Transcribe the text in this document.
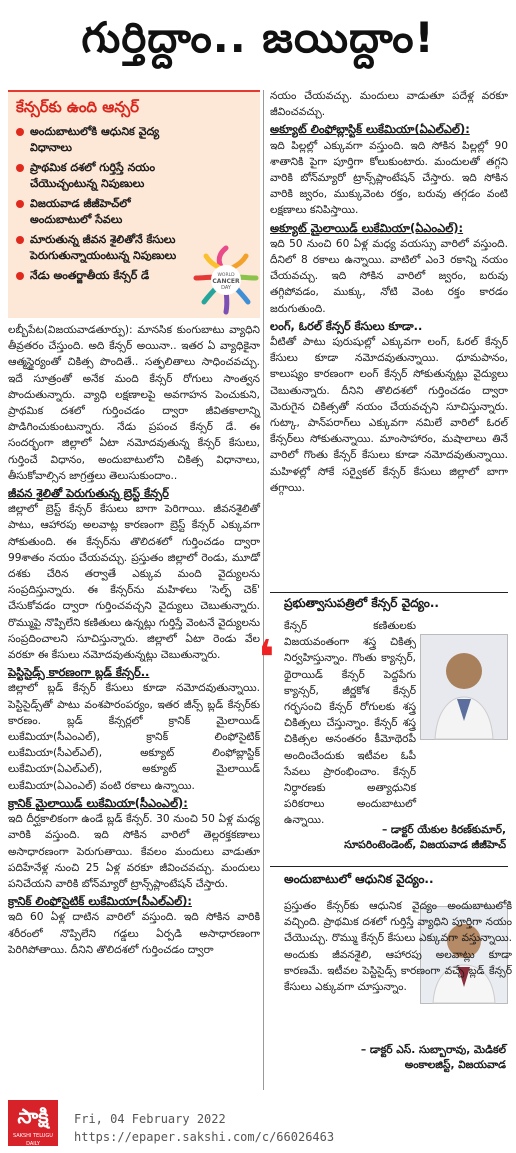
గుర్తిద్దాం.. జయిద్దాం!
కేన్సర్‌కు ఉంది ఆన్సర్
అందుబాటులోకి ఆధునిక వైద్య విధానాలు
ప్రాథమిక దశలో గుర్తిస్తే నయం చేయొచ్చంటున్న నిపుణులు
విజయవాడ జీజీహెచ్‌లో అందుబాటులో సేవలు
మారుతున్న జీవన శైలితోనే కేసులు పెరుగుతున్నాయంటున్న నిపుణులు
నేడు అంతర్జాతీయ కేన్సర్ డే	WORLD
CANCER
DAY

లబ్బీపేట(విజయవాడతూర్పు): మానసిక కుంగుబాటు వ్యాధిని తీవ్రతరం చేస్తుంది. అది కేన్సర్ అయినా.. ఇతర ఏ వ్యాధికైనా ఆత్మస్థైర్యంతో చికిత్స పొందితే.. సత్ఫలితాలు సాధించవచ్చు. ఇదే సూత్రంతో అనేక మంది కేన్సర్ రోగులు సాంత్వన పొందుతున్నారు. వ్యాధి లక్షణాలపై అవగాహన పెంచుకుని, ప్రాథమిక దశలో గుర్తించడం ద్వారా జీవితకాలాన్ని పొడిగించుకుంటున్నారు. నేడు ప్రపంచ కేన్సర్ డే. ఈ సందర్భంగా జిల్లాలో ఏటా నమోదవుతున్న కేన్సర్ కేసులు, గుర్తించే విధానం, అందుబాటులోని చికిత్స విధానాలు, తీసుకోవాల్సిన జాగ్రత్తలు తెలుసుకుందాం..

జీవన శైలితో పెరుగుతున్న బ్రెస్ట్ కేన్సర్

జిల్లాలో బ్రెస్ట్ కేన్సర్ కేసులు బాగా పెరిగాయి. జీవనశైలితో పాటు, ఆహారపు అలవాట్ల కారణంగా బ్రెస్ట్ కేన్సర్ ఎక్కువగా సోకుతుంది. ఈ కేన్సర్‌ను తొలిదశలో గుర్తించడం ద్వారా 99శాతం నయం చేయవచ్చు. ప్రస్తుతం జిల్లాలో రెండు, మూడో దశకు చేరిన తర్వాతే ఎక్కువ మంది వైద్యులను సంప్రదిస్తున్నారు. ఈ కేన్సర్‌ను మహిళలు 'సెల్ఫ్ చెక్' చేసుకోవడం ద్వారా గుర్తించవచ్చని వైద్యులు చెబుతున్నారు. రొమ్ముపై నొప్పిలేని కణితులు ఉన్నట్లు గుర్తిస్తే వెంటనే వైద్యులను సంప్రదించాలని సూచిస్తున్నారు. జిల్లాలో ఏటా రెండు వేల వరకూ ఈ కేసులు నమోదవుతున్నట్లు చెబుతున్నారు.

పెస్టిసైడ్స్ కారణంగా బ్లడ్ కేన్సర్..

జిల్లాలో బ్లడ్ కేన్సర్ కేసులు కూడా నమోదవుతున్నాయి. పెస్టిసైడ్స్‌తో పాటు వంశపారంపర్యం, ఇతర జీన్స్ బ్లడ్ కేన్సర్‌కు కారణం. బ్లడ్ కేన్సర్లలో క్రానిక్ మైలాయిడ్ లుకేమియా(సీఎంఎల్), క్రానిక్ లింఫోసైటిక్ లుకేమియా(సీఎల్ఎల్), అక్యూట్ లింఫోబ్లాస్టిక్ లుకేమియా(ఏఎల్ఎల్), అక్యూట్ మైలాయిడ్ లుకేమియా(ఏఎంఎల్) వంటి రకాలు ఉన్నాయి.

క్రానిక్ మైలాయిడ్ లుకేమియా(సీఎంఎల్):

ఇది దీర్ఘకాలికంగా ఉండే బ్లడ్ కేన్సర్. 30 నుంచి 50 ఏళ్ల మధ్య వారికి వస్తుంది. ఇది సోకిన వారిలో తెల్లరక్తకణాలు అసాధారణంగా పెరుగుతాయి. కేవలం మందులు వాడుతూ పదిహేనేళ్ల నుంచి 25 ఏళ్ల వరకూ జీవించవచ్చు. మందులు పనిచేయని వారికి బోన్‌మ్యారో ట్రాన్స్‌ప్లాంటేషన్ చేస్తారు.

క్రానిక్ లింఫోసైటిక్ లుకేమియా(సీఎల్ఎల్):

ఇది 60 ఏళ్ల దాటిన వారిలో వస్తుంది. ఇది సోకిన వారికి శరీరంలో నొప్పిలేని గడ్డలు ఏర్పడి అసాధారణంగా పెరిగిపోతాయి. దీనిని తొలిదశలో గుర్తించడం ద్వారా

నయం చేయవచ్చు. మందులు వాడుతూ పదేళ్ల వరకూ జీవించవచ్చు.

అక్యూట్ లింఫోబ్లాస్టిక్ లుకేమియా(ఏఎల్ఎల్):

ఇది పిల్లల్లో ఎక్కువగా వస్తుంది. ఇది సోకిన పిల్లల్లో 90 శాతానికి పైగా పూర్తిగా కోలుకుంటారు. మందులతో తగ్గని వారికి బోన్‌మ్యారో ట్రాన్స్‌ప్లాంటేషన్ చేస్తారు. ఇది సోకిన వారికి జ్వరం, ముక్కువెంట రక్తం, బరువు తగ్గడం వంటి లక్షణాలు కనిపిస్తాయి.

అక్యూట్ మైలాయిడ్ లుకేమియా(ఏఎంఎల్):

ఇది 50 నుంచి 60 ఏళ్ల మధ్య వయస్సు వారిలో వస్తుంది. దీనిలో 8 రకాలు ఉన్నాయి. వాటిలో ఎం3 రకాన్ని నయం చేయవచ్చు. ఇది సోకిన వారిలో జ్వరం, బరువు తగ్గిపోవడం, ముక్కు, నోటి వెంట రక్తం కారడం జరుగుతుంది.

లంగ్, ఓరల్ కేన్సర్ కేసులు కూడా..

వీటితో పాటు పురుషుల్లో ఎక్కువగా లంగ్, ఓరల్ కేన్సర్ కేసులు కూడా నమోదవుతున్నాయి. ధూమపానం, కాలుష్యం కారణంగా లంగ్ కేన్సర్ సోకుతున్నట్లు వైద్యులు చెబుతున్నారు. దీనిని తొలిదశలో గుర్తించడం ద్వారా మెరుగైన చికిత్సతో నయం చేయవచ్చని సూచిస్తున్నారు. గుట్కా, పాన్‌పరాగ్‌లు ఎక్కువగా నమిలే వారిలో ఓరల్ కేన్సర్‌లు సోకుతున్నాయి. మాంసాహారం, మషాలాలు తినే వారిలో గొంతు కేన్సర్ కేసులు కూడా నమోదవుతున్నాయి. మహిళల్లో సోకే సర్వైకల్ కేన్సర్ కేసులు జిల్లాలో బాగా తగ్గాయి.

ప్రభుత్వాసుపత్రిలో కేన్సర్ వైద్యం..
❛

కేన్సర్ కణితులకు విజయవంతంగా శస్త్ర చికిత్స నిర్వహిస్తున్నాం. గొంతు క్యాన్సర్, థైరాయిడ్ కేన్సర్ పెద్దపేగు క్యాన్సర్, జీర్ణకోశ కేన్సర్ గర్భసంచి కేన్సర్ రోగులకు శస్త్ర చికిత్సలు చేస్తున్నాం. కేన్సర్ శస్త్ర చికిత్సల అనంతరం కీమోథెరపీ అందించేందుకు ఇటీవల ఓపీ సేవలు ప్రారంభించాం. కేన్సర్ నిర్ధారణకు అత్యాధునిక పరికరాలు అందుబాటులో ఉన్నాయి.

– డాక్టర్ యేకుల కిరణ్‌కుమార్,
సూపరింటెండెంట్, విజయవాడ జీజీహెచ్
అందుబాటులో ఆధునిక వైద్యం..

ప్రస్తుతం కేన్సర్‌కు ఆధునిక వైద్యం అందుబాటులోకి వచ్చింది. ప్రాథమిక దశలో గుర్తిస్తే వ్యాధిని పూర్తిగా నయం చేయొచ్చు. రొమ్ము కేన్సర్ కేసులు ఎక్కువగా వస్తున్నాయి. అందుకు జీవనశైలి, ఆహారపు అలవాట్లు కూడా కారణమే. ఇటీవల పెస్టిసైడ్స్ కారణంగా వచ్చే బ్లడ్ కేన్సర్ కేసులు ఎక్కువగా చూస్తున్నాం.

– డాక్టర్ ఎస్. సుబ్బారావు, మెడికల్
అంకాలజిస్ట్, విజయవాడ
సాక్షి
SAKSHI TELUGU DAILY
Fri, 04 February 2022
https://epaper.sakshi.com/c/66026463
